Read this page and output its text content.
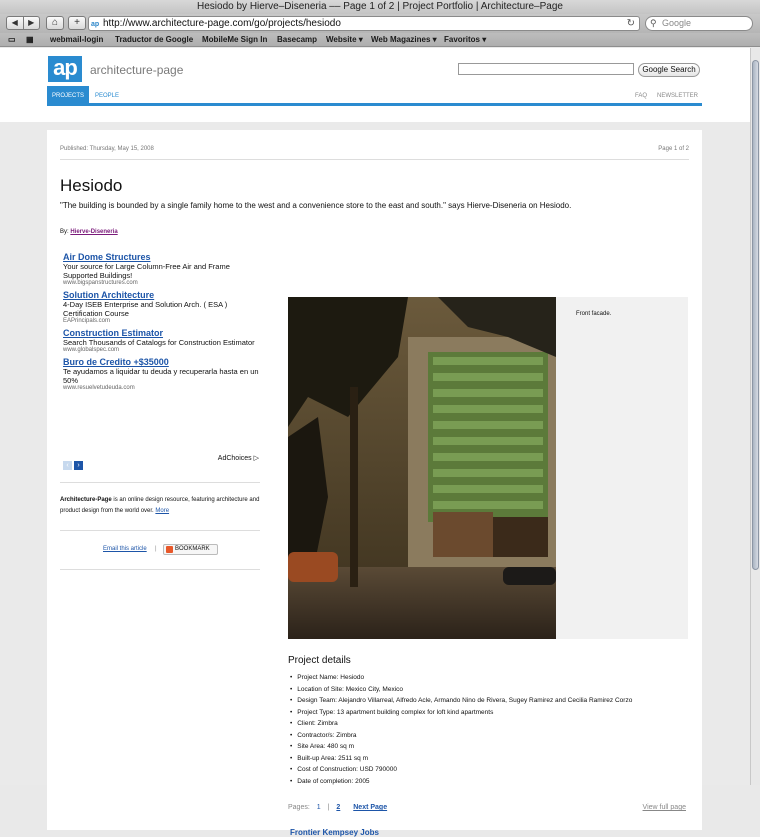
Hesiodo by Hierve–Diseneria –– Page 1 of 2 | Project Portfolio | Architecture–Page
◀	▶	⌂	+	ap http://www.architecture-page.com/go/projects/hesiodo	↻ ⚲ Google
▭ ▦ webmail-login Traductor de Google MobileMe Sign In Basecamp Website ▾ Web Magazines ▾ Favoritos ▾
ap	architecture-page	Google Search
PROJECTS	PEOPLE	FAQ NEWSLETTER
Published: Thursday, May 15, 2008	Page 1 of 2
Hesiodo
"The building is bounded by a single family home to the west and a convenience store to the east and south." says Hierve-Diseneria on Hesiodo.
By: Hierve-Diseneria
Air Dome Structures
Your source for Large Column-Free Air and Frame Supported Buildings!
www.bigspanstructures.com
Solution Architecture
4-Day ISEB Enterprise and Solution Arch. ( ESA ) Certification Course
EAPrincipals.com
Construction Estimator
Search Thousands of Catalogs for Construction Estimator
www.globalspec.com
Buro de Credito +$35000
Te ayudamos a liquidar tu deuda y recuperarla hasta en un 50%
www.resuelvetudeuda.com
‹ ›
AdChoices ▷
Architecture-Page is an online design resource, featuring architecture and product design from the world over. More
Email this article |	BOOKMARK
Front facade.
Project details
• Project Name: Hesiodo
• Location of Site: Mexico City, Mexico
• Design Team: Alejandro Villarreal, Alfredo Acle, Armando Nino de Rivera, Sugey Ramirez and Cecilia Ramirez Corzo
• Project Type: 13 apartment building complex for loft kind apartments
• Client: Zimbra
• Contractor/s: Zimbra
• Site Area: 480 sq m
• Built-up Area: 2511 sq m
• Cost of Construction: USD 790000
• Date of completion: 2005
Pages: 1 | 2 Next Page	View full page
Frontier Kempsey Jobs
